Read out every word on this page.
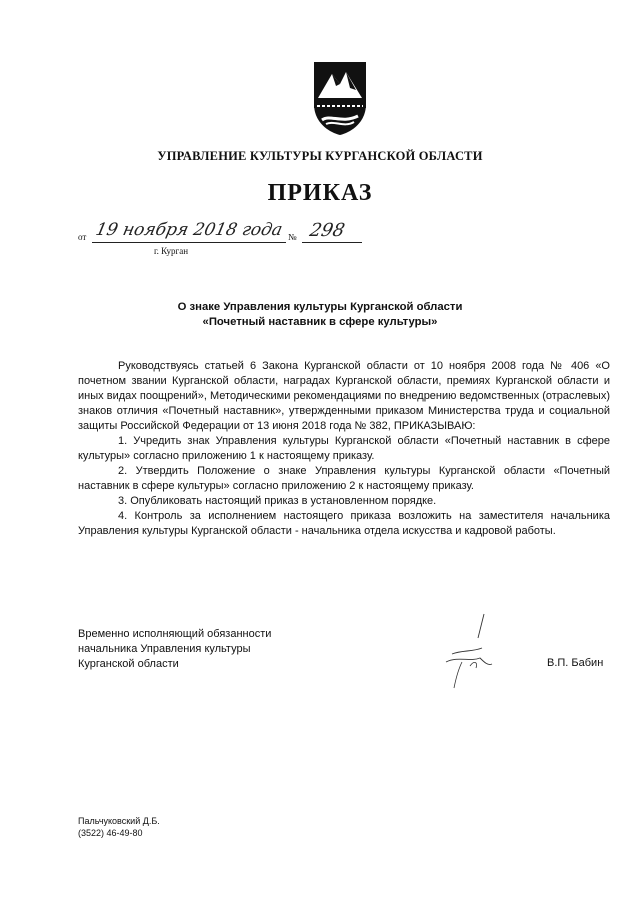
УПРАВЛЕНИЕ КУЛЬТУРЫ КУРГАНСКОЙ ОБЛАСТИ
ПРИКАЗ
от 19 ноября 2018 года № 298
г. Курган
О знаке Управления культуры Курганской области
«Почетный наставник в сфере культуры»

Руководствуясь статьей 6 Закона Курганской области от 10 ноября 2008 года № 406 «О почетном звании Курганской области, наградах Курганской области, премиях Курганской области и иных видах поощрений», Методическими рекомендациями по внедрению ведомственных (отраслевых) знаков отличия «Почетный наставник», утвержденными приказом Министерства труда и социальной защиты Российской Федерации от 13 июня 2018 года № 382, ПРИКАЗЫВАЮ:

1. Учредить знак Управления культуры Курганской области «Почетный наставник в сфере культуры» согласно приложению 1 к настоящему приказу.

2. Утвердить Положение о знаке Управления культуры Курганской области «Почетный наставник в сфере культуры» согласно приложению 2 к настоящему приказу.

3. Опубликовать настоящий приказ в установленном порядке.

4. Контроль за исполнением настоящего приказа возложить на заместителя начальника Управления культуры Курганской области - начальника отдела искусства и кадровой работы.

Временно исполняющий обязанности
начальника Управления культуры
Курганской области	В.П. Бабин
Пальчуковский Д.Б.
(3522) 46-49-80
